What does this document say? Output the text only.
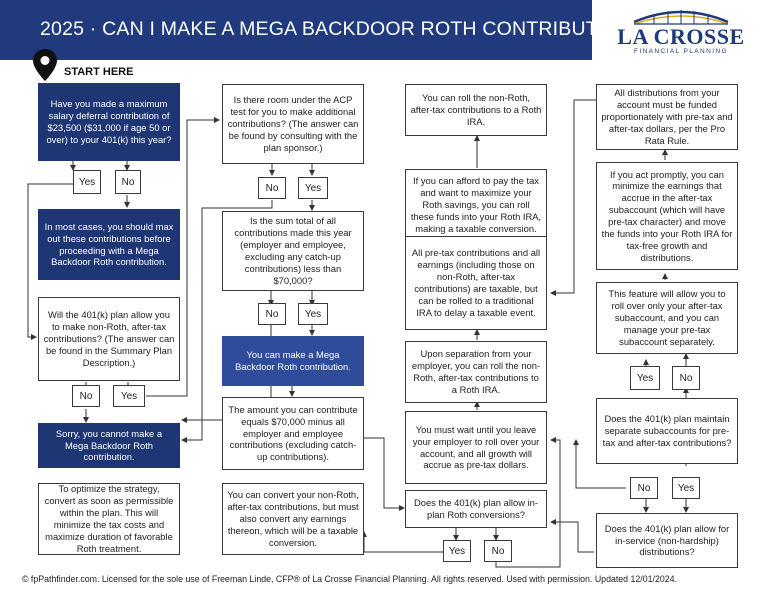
2025 · CAN I MAKE A MEGA BACKDOOR ROTH CONTRIBUTION?
LA CROSSE
FINANCIAL PLANNING
START HERE
Have you made a maximum salary deferral contribution of $23,500 ($31,000 if age 50 or over) to your 401(k) this year?
Yes	No
In most cases, you should max out these contributions before proceeding with a Mega Backdoor Roth contribution.
Will the 401(k) plan allow you to make non-Roth, after-tax contributions? (The answer can be found in the Summary Plan Description.)
No	Yes
Sorry, you cannot make a Mega Backdoor Roth contribution.
To optimize the strategy, convert as soon as permissible within the plan. This will minimize the tax costs and maximize duration of favorable Roth treatment.
Is there room under the ACP test for you to make additional contributions? (The answer can be found by consulting with the plan sponsor.)
No	Yes
Is the sum total of all contributions made this year (employer and employee, excluding any catch-up contributions) less than $70,000?
No	Yes
You can make a Mega Backdoor Roth contribution.
The amount you can contribute equals $70,000 minus all employer and employee contributions (excluding catch-up contributions).
You can convert your non-Roth, after-tax contributions, but must also convert any earnings thereon, which will be a taxable conversion.
You can roll the non-Roth, after-tax contributions to a Roth IRA.
If you can afford to pay the tax and want to maximize your Roth savings, you can roll these funds into your Roth IRA, making a taxable conversion.
All pre-tax contributions and all earnings (including those on non-Roth, after-tax contributions) are taxable, but can be rolled to a traditional IRA to delay a taxable event.
Upon separation from your employer, you can roll the non-Roth, after-tax contributions to a Roth IRA.
You must wait until you leave your employer to roll over your account, and all growth will accrue as pre-tax dollars.
Does the 401(k) plan allow in-plan Roth conversions?
Yes	No
All distributions from your account must be funded proportionately with pre-tax and after-tax dollars, per the Pro Rata Rule.
If you act promptly, you can minimize the earnings that accrue in the after-tax subaccount (which will have pre-tax character) and move the funds into your Roth IRA for tax-free growth and distributions.
This feature will allow you to roll over only your after-tax subaccount, and you can manage your pre-tax subaccount separately.
Yes	No
Does the 401(k) plan maintain separate subaccounts for pre-tax and after-tax contributions?
No	Yes
Does the 401(k) plan allow for in-service (non-hardship) distributions?
© fpPathfinder.com. Licensed for the sole use of Freeman Linde, CFP® of La Crosse Financial Planning. All rights reserved. Used with permission. Updated 12/01/2024.
